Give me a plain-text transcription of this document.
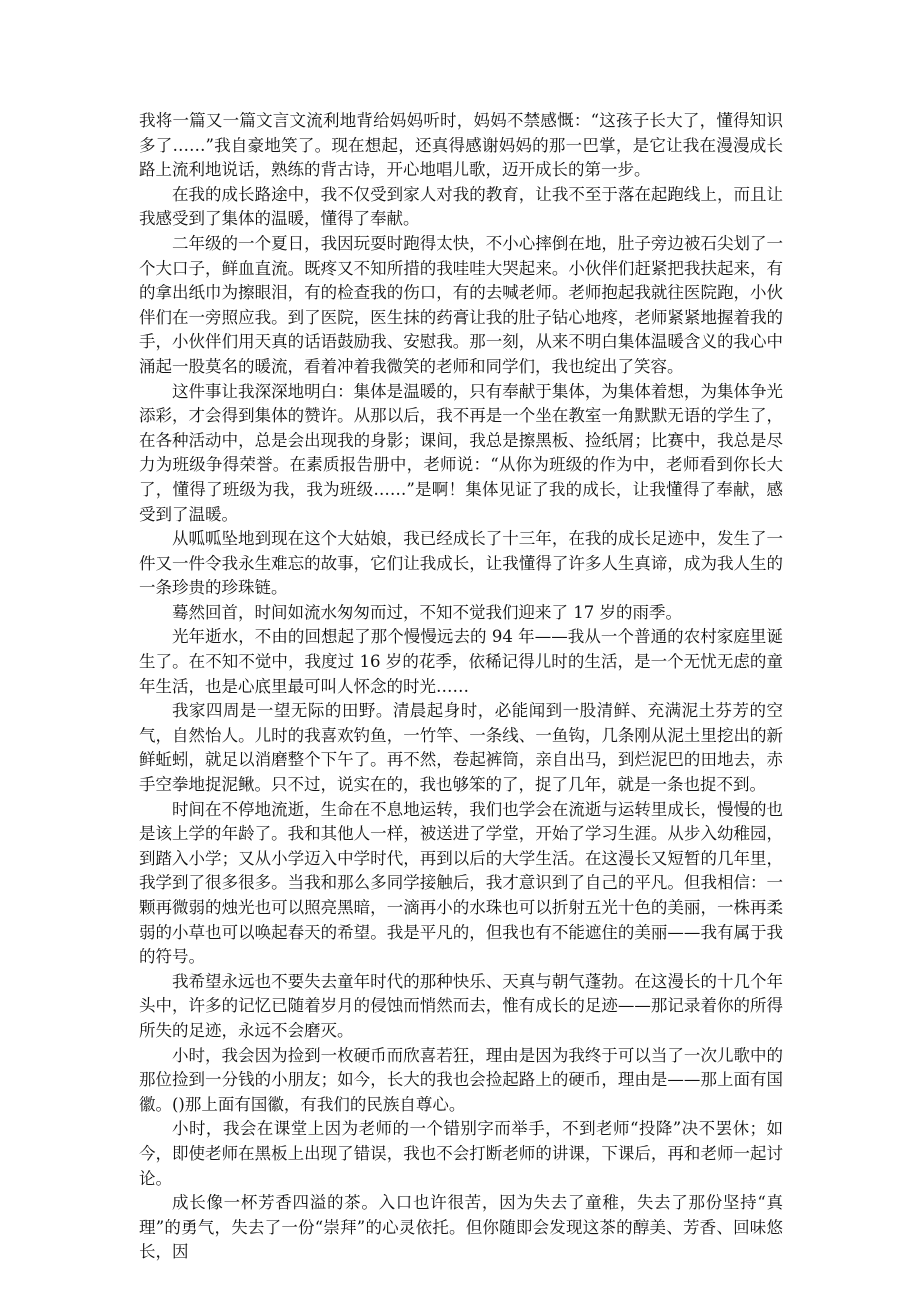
我将一篇又一篇文言文流利地背给妈妈听时，妈妈不禁感慨：“这孩子长大了，懂得知识多了……”我自豪地笑了。现在想起，还真得感谢妈妈的那一巴掌，是它让我在漫漫成长路上流利地说话，熟练的背古诗，开心地唱儿歌，迈开成长的第一步。

在我的成长路途中，我不仅受到家人对我的教育，让我不至于落在起跑线上，而且让我感受到了集体的温暖，懂得了奉献。

二年级的一个夏日，我因玩耍时跑得太快，不小心摔倒在地，肚子旁边被石尖划了一个大口子，鲜血直流。既疼又不知所措的我哇哇大哭起来。小伙伴们赶紧把我扶起来，有的拿出纸巾为擦眼泪，有的检查我的伤口，有的去喊老师。老师抱起我就往医院跑，小伙伴们在一旁照应我。到了医院，医生抹的药膏让我的肚子钻心地疼，老师紧紧地握着我的手，小伙伴们用天真的话语鼓励我、安慰我。那一刻，从来不明白集体温暖含义的我心中涌起一股莫名的暖流，看着冲着我微笑的老师和同学们，我也绽出了笑容。

这件事让我深深地明白：集体是温暖的，只有奉献于集体，为集体着想，为集体争光添彩，才会得到集体的赞许。从那以后，我不再是一个坐在教室一角默默无语的学生了，在各种活动中，总是会出现我的身影；课间，我总是擦黑板、捡纸屑；比赛中，我总是尽力为班级争得荣誉。在素质报告册中，老师说：“从你为班级的作为中，老师看到你长大了，懂得了班级为我，我为班级……”是啊！集体见证了我的成长，让我懂得了奉献，感受到了温暖。

从呱呱坠地到现在这个大姑娘，我已经成长了十三年，在我的成长足迹中，发生了一件又一件令我永生难忘的故事，它们让我成长，让我懂得了许多人生真谛，成为我人生的一条珍贵的珍珠链。

蓦然回首，时间如流水匆匆而过，不知不觉我们迎来了 17 岁的雨季。

光年逝水，不由的回想起了那个慢慢远去的 94 年——我从一个普通的农村家庭里诞生了。在不知不觉中，我度过 16 岁的花季，依稀记得儿时的生活，是一个无忧无虑的童年生活，也是心底里最可叫人怀念的时光……

我家四周是一望无际的田野。清晨起身时，必能闻到一股清鲜、充满泥土芬芳的空气，自然怡人。儿时的我喜欢钓鱼，一竹竿、一条线、一鱼钩，几条刚从泥土里挖出的新鲜蚯蚓，就足以消磨整个下午了。再不然，卷起裤筒，亲自出马，到烂泥巴的田地去，赤手空拳地捉泥鳅。只不过，说实在的，我也够笨的了，捉了几年，就是一条也捉不到。

时间在不停地流逝，生命在不息地运转，我们也学会在流逝与运转里成长，慢慢的也是该上学的年龄了。我和其他人一样，被送进了学堂，开始了学习生涯。从步入幼稚园，到踏入小学；又从小学迈入中学时代，再到以后的大学生活。在这漫长又短暂的几年里，我学到了很多很多。当我和那么多同学接触后，我才意识到了自己的平凡。但我相信：一颗再微弱的烛光也可以照亮黑暗，一滴再小的水珠也可以折射五光十色的美丽，一株再柔弱的小草也可以唤起春天的希望。我是平凡的，但我也有不能遮住的美丽——我有属于我的符号。

我希望永远也不要失去童年时代的那种快乐、天真与朝气蓬勃。在这漫长的十几个年头中，许多的记忆已随着岁月的侵蚀而悄然而去，惟有成长的足迹——那记录着你的所得所失的足迹，永远不会磨灭。

小时，我会因为捡到一枚硬币而欣喜若狂，理由是因为我终于可以当了一次儿歌中的那位捡到一分钱的小朋友；如今，长大的我也会捡起路上的硬币，理由是——那上面有国徽。()那上面有国徽，有我们的民族自尊心。

小时，我会在课堂上因为老师的一个错别字而举手，不到老师“投降”决不罢休；如今，即使老师在黑板上出现了错误，我也不会打断老师的讲课，下课后，再和老师一起讨论。

成长像一杯芳香四溢的茶。入口也许很苦，因为失去了童稚，失去了那份坚持“真理”的勇气，失去了一份“崇拜”的心灵依托。但你随即会发现这茶的醇美、芳香、回味悠长，因
